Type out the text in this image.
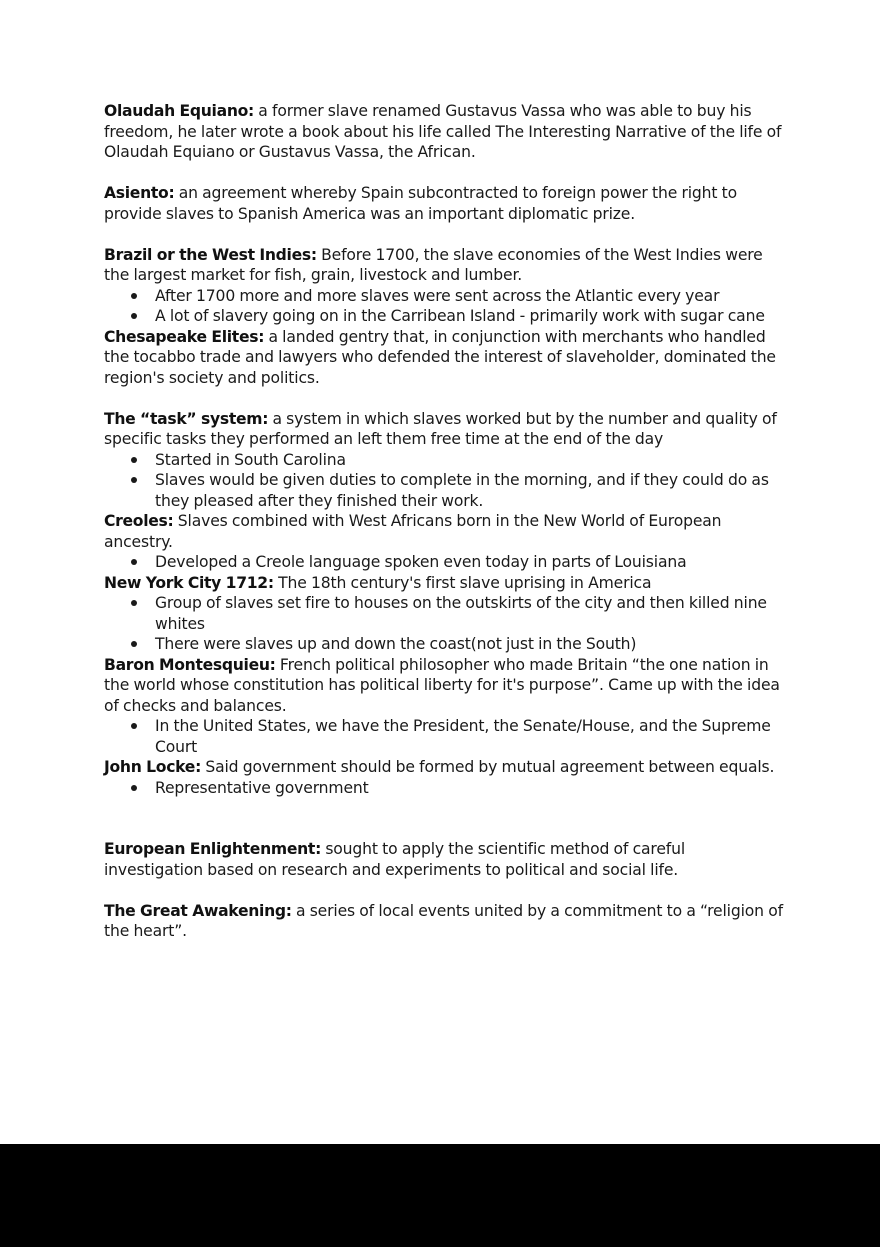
Olaudah Equiano: a former slave renamed Gustavus Vassa who was able to buy his freedom, he later wrote a book about his life called The Interesting Narrative of the life of Olaudah Equiano or Gustavus Vassa, the African.

Asiento: an agreement whereby Spain subcontracted to foreign power the right to provide slaves to Spanish America was an important diplomatic prize.

Brazil or the West Indies: Before 1700, the slave economies of the West Indies were the largest market for fish, grain, livestock and lumber.

After 1700 more and more slaves were sent across the Atlantic every year
A lot of slavery going on in the Carribean Island - primarily work with sugar cane

Chesapeake Elites: a landed gentry that, in conjunction with merchants who handled the tocabbo trade and lawyers who defended the interest of slaveholder, dominated the region's society and politics.

The “task” system: a system in which slaves worked but by the number and quality of specific tasks they performed an left them free time at the end of the day

Started in South Carolina
Slaves would be given duties to complete in the morning, and if they could do as they pleased after they finished their work.

Creoles: Slaves combined with West Africans born in the New World of European ancestry.

Developed a Creole language spoken even today in parts of Louisiana

New York City 1712: The 18th century's first slave uprising in America

Group of slaves set fire to houses on the outskirts of the city and then killed nine whites
There were slaves up and down the coast(not just in the South)

Baron Montesquieu: French political philosopher who made Britain “the one nation in the world whose constitution has political liberty for it's purpose”. Came up with the idea of checks and balances.

In the United States, we have the President, the Senate/House, and the Supreme Court

John Locke: Said government should be formed by mutual agreement between equals.

Representative government

European Enlightenment: sought to apply the scientific method of careful investigation based on research and experiments to political and social life.

The Great Awakening: a series of local events united by a commitment to a “religion of the heart”.
